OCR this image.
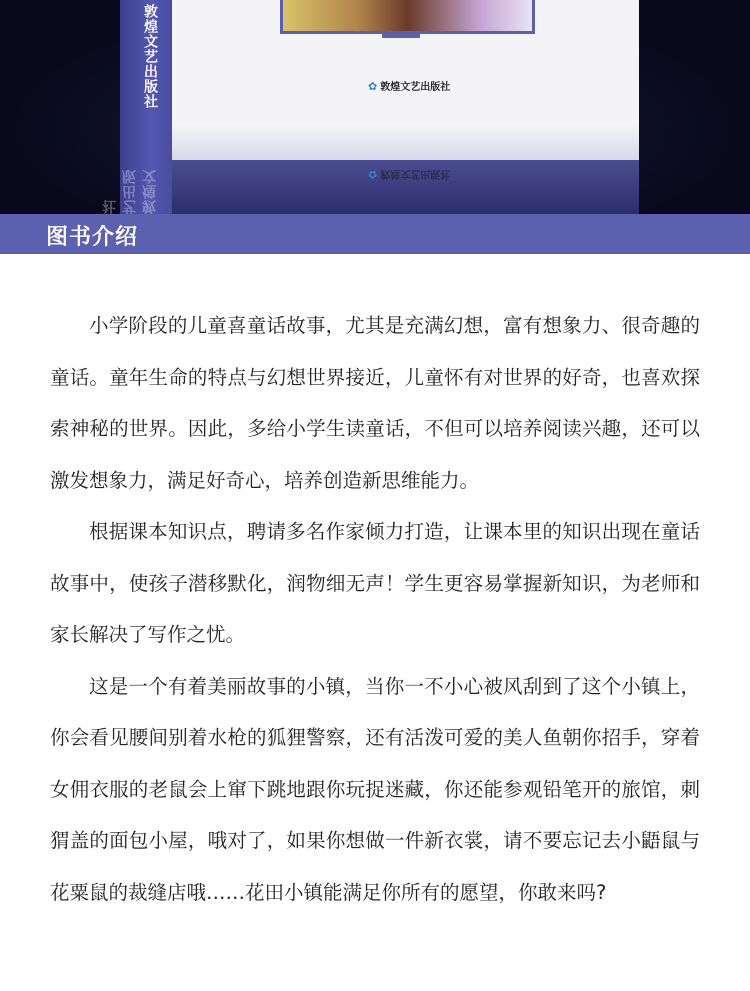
敦煌文艺出版社
敦煌文艺出版社
✿ 敦煌文艺出版社
✿ 敦煌文艺出版社
图书介绍

小学阶段的儿童喜童话故事，尤其是充满幻想，富有想象力、很奇趣的童话。童年生命的特点与幻想世界接近，儿童怀有对世界的好奇，也喜欢探索神秘的世界。因此，多给小学生读童话，不但可以培养阅读兴趣，还可以激发想象力，满足好奇心，培养创造新思维能力。

根据课本知识点，聘请多名作家倾力打造，让课本里的知识出现在童话故事中，使孩子潜移默化，润物细无声！学生更容易掌握新知识，为老师和家长解决了写作之忧。

这是一个有着美丽故事的小镇，当你一不小心被风刮到了这个小镇上，你会看见腰间别着水枪的狐狸警察，还有活泼可爱的美人鱼朝你招手，穿着女佣衣服的老鼠会上窜下跳地跟你玩捉迷藏，你还能参观铅笔开的旅馆，刺猬盖的面包小屋，哦对了，如果你想做一件新衣裳，请不要忘记去小鼯鼠与花粟鼠的裁缝店哦……花田小镇能满足你所有的愿望，你敢来吗?
